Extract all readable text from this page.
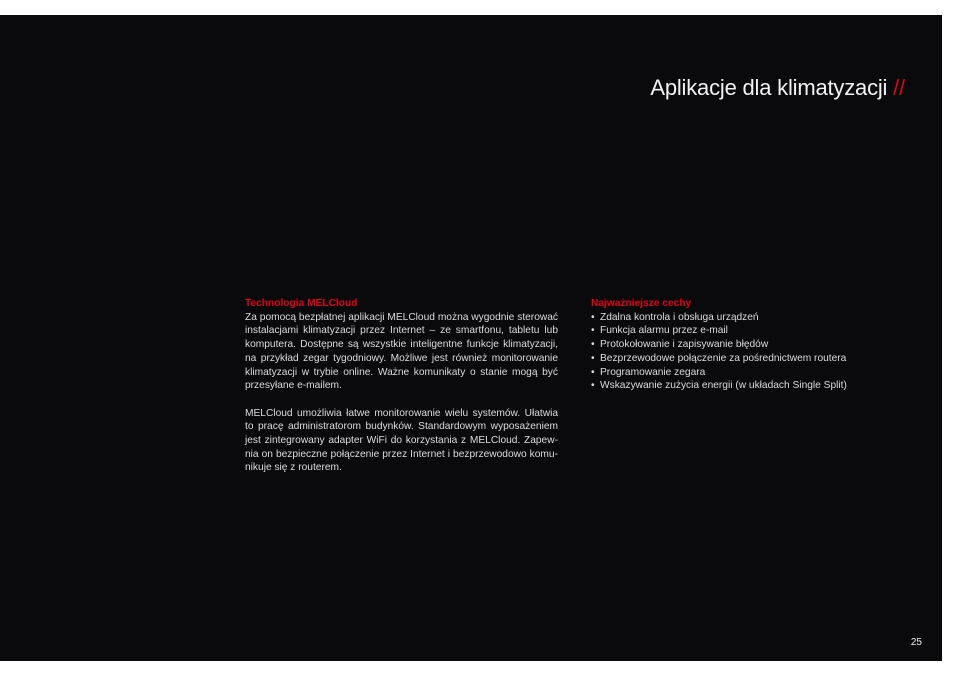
Aplikacje dla klimatyzacji //

Technologia MELCloud

Za pomocą bezpłatnej aplikacji MELCloud można wygodnie sterować instalacjami klimatyzacji przez Internet – ze smartfonu, tabletu lub komputera. Dostępne są wszystkie inteligentne funkcje klimatyzacji, na przykład zegar tygodniowy. Możliwe jest również monitorowanie klimatyzacji w trybie online. Ważne komunikaty o stanie mogą być przesyłane e-mailem.

MELCloud umożliwia łatwe monitorowanie wielu systemów. Ułatwia to pracę administratorom budynków. Standardowym wyposażeniem jest zintegrowany adapter WiFi do korzystania z MELCloud. Zapewnia on bezpieczne połączenie przez Internet i bezprzewodowo komunikuje się z routerem.

Najważniejsze cechy

• Zdalna kontrola i obsługa urządzeń
• Funkcja alarmu przez e-mail
• Protokołowanie i zapisywanie błędów
• Bezprzewodowe połączenie za pośrednictwem routera
• Programowanie zegara
• Wskazywanie zużycia energii (w układach Single Split)
25
